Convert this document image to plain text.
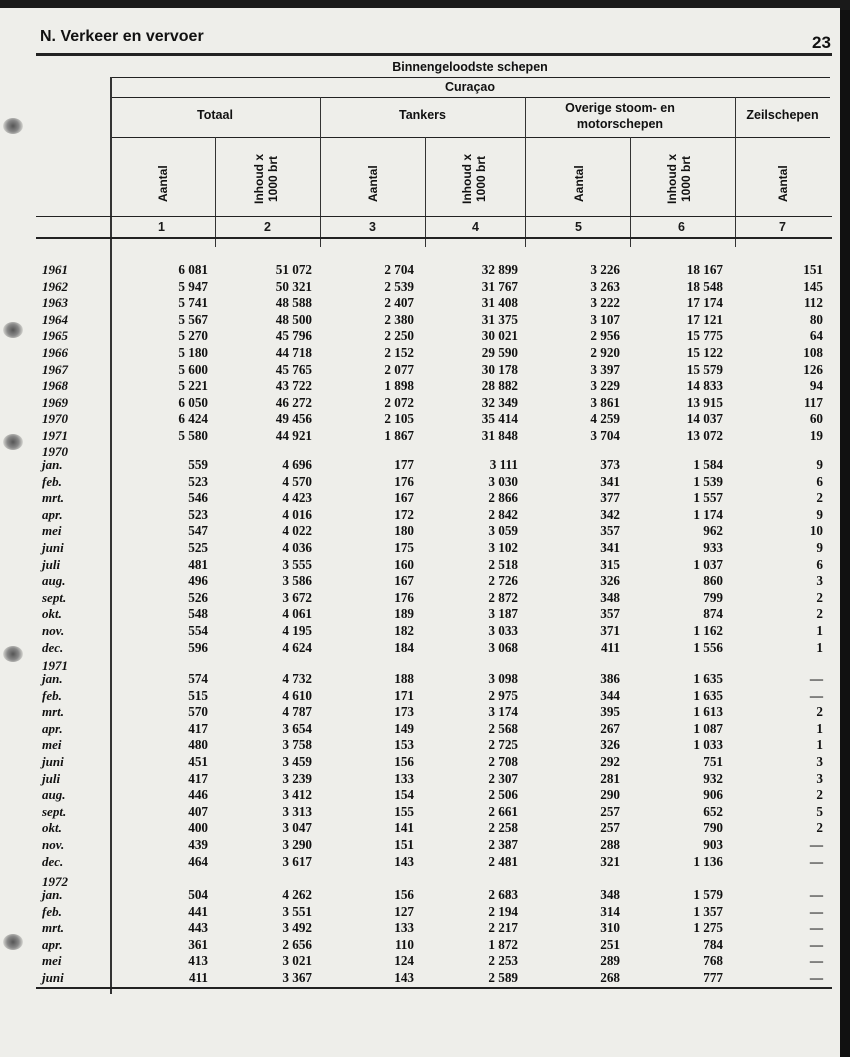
N. Verkeer en vervoer	23
Binnengeloodste schepen
Curaçao
Totaal	Tankers	Overige stoom- en motorschepen
Zeilschepen
Aantal	Inhoud x 1000 brt	Aantal	Inhoud x 1000 brt	Aantal	Inhoud x 1000 brt	Aantal
1	2	3	4	5	6	7
1961	6 081	51 072	2 704	32 899	3 226	18 167	151
1962	5 947	50 321	2 539	31 767	3 263	18 548	145
1963	5 741	48 588	2 407	31 408	3 222	17 174	112
1964	5 567	48 500	2 380	31 375	3 107	17 121	80
1965	5 270	45 796	2 250	30 021	2 956	15 775	64
1966	5 180	44 718	2 152	29 590	2 920	15 122	108
1967	5 600	45 765	2 077	30 178	3 397	15 579	126
1968	5 221	43 722	1 898	28 882	3 229	14 833	94
1969	6 050	46 272	2 072	32 349	3 861	13 915	117
1970	6 424	49 456	2 105	35 414	4 259	14 037	60
1971	5 580	44 921	1 867	31 848	3 704	13 072	19
1970
jan.	559	4 696	177	3 111	373	1 584	9
feb.	523	4 570	176	3 030	341	1 539	6
mrt.	546	4 423	167	2 866	377	1 557	2
apr.	523	4 016	172	2 842	342	1 174	9
mei	547	4 022	180	3 059	357	962	10
juni	525	4 036	175	3 102	341	933	9
juli	481	3 555	160	2 518	315	1 037	6
aug.	496	3 586	167	2 726	326	860	3
sept.	526	3 672	176	2 872	348	799	2
okt.	548	4 061	189	3 187	357	874	2
nov.	554	4 195	182	3 033	371	1 162	1
dec.	596	4 624	184	3 068	411	1 556	1
1971
jan.	574	4 732	188	3 098	386	1 635	—
feb.	515	4 610	171	2 975	344	1 635	—
mrt.	570	4 787	173	3 174	395	1 613	2
apr.	417	3 654	149	2 568	267	1 087	1
mei	480	3 758	153	2 725	326	1 033	1
juni	451	3 459	156	2 708	292	751	3
juli	417	3 239	133	2 307	281	932	3
aug.	446	3 412	154	2 506	290	906	2
sept.	407	3 313	155	2 661	257	652	5
okt.	400	3 047	141	2 258	257	790	2
nov.	439	3 290	151	2 387	288	903	—
dec.	464	3 617	143	2 481	321	1 136	—
1972
jan.	504	4 262	156	2 683	348	1 579	—
feb.	441	3 551	127	2 194	314	1 357	—
mrt.	443	3 492	133	2 217	310	1 275	—
apr.	361	2 656	110	1 872	251	784	—
mei	413	3 021	124	2 253	289	768	—
juni	411	3 367	143	2 589	268	777	—
